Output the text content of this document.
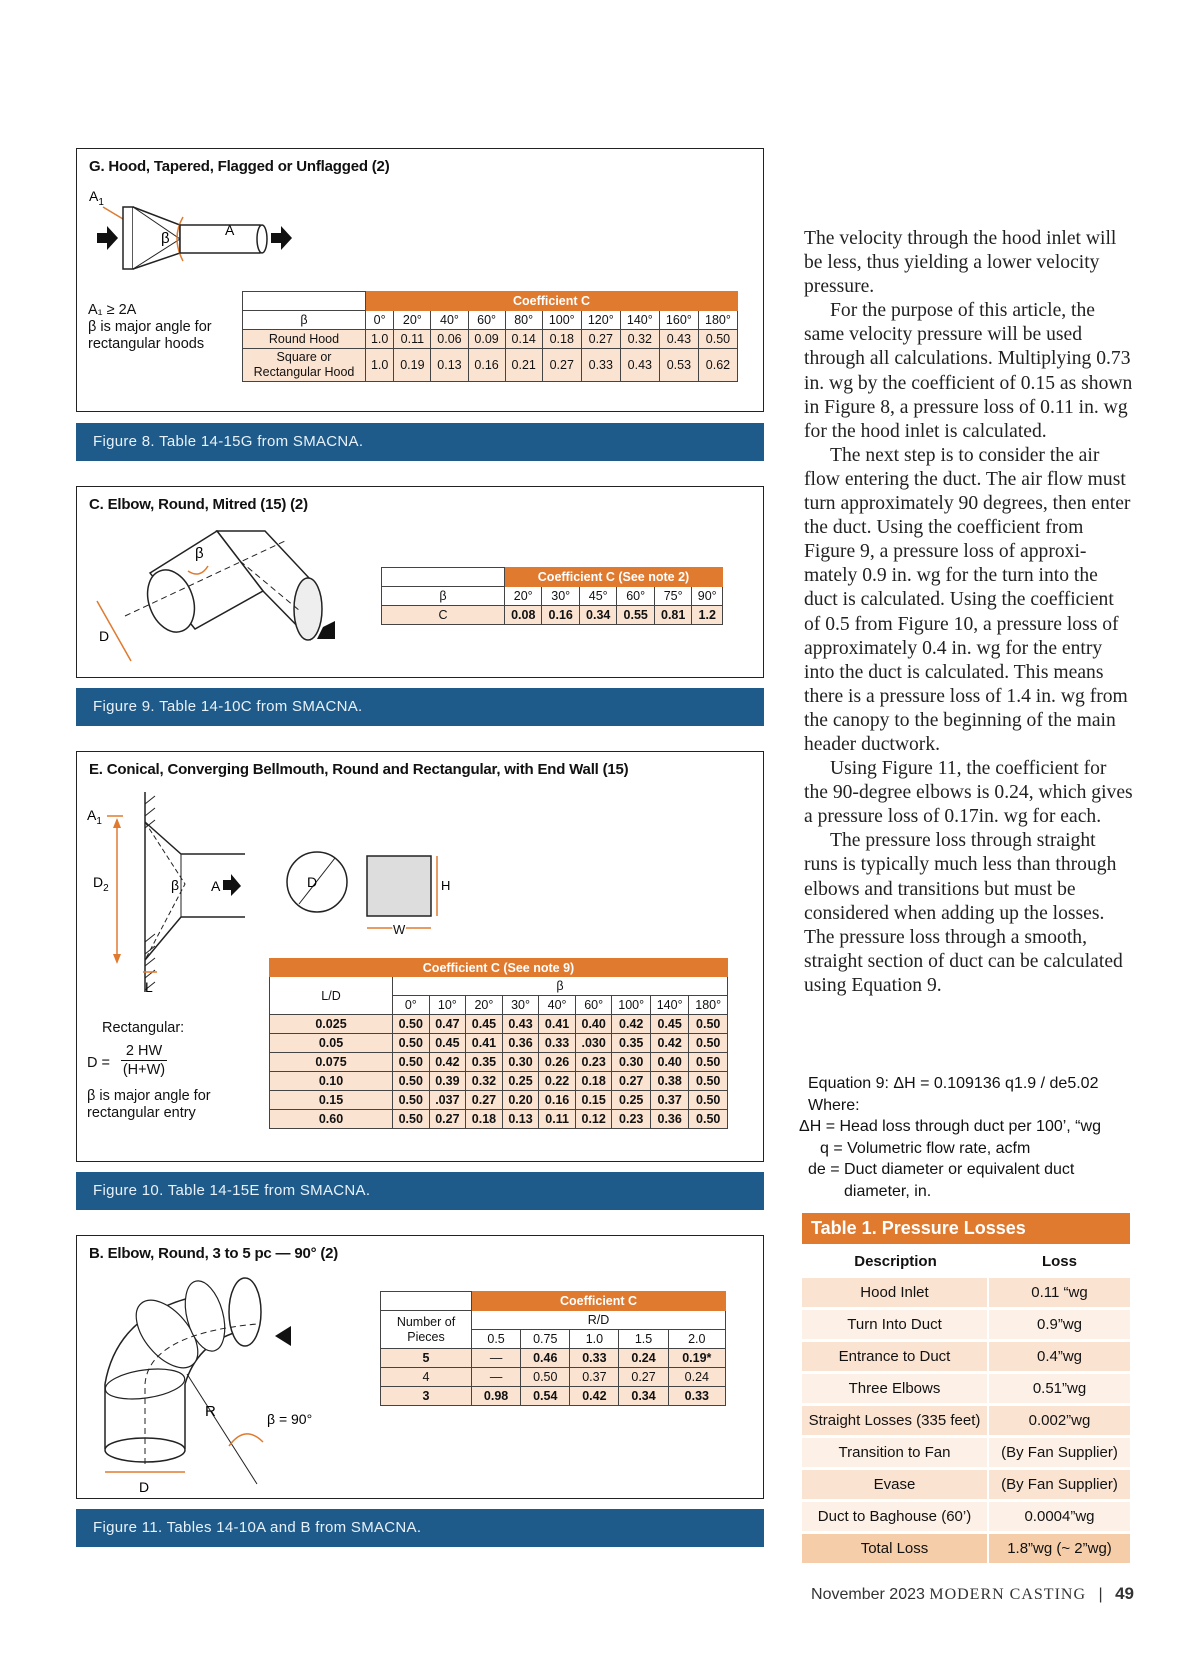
G. Hood, Tapered, Flagged or Unflagged (2)
$A_1$
β	A
A₁ ≥ 2A
β is major angle for
rectangular hoods
	Coefficient C									
β	0°	20°	40°	60°	80°	100°	120°	140°	160°	180°
Round Hood	1.0	0.11	0.06	0.09	0.14	0.18	0.27	0.32	0.43	0.50
Square or Rectangular Hood	1.0	0.19	0.13	0.16	0.21	0.27	0.33	0.43	0.53	0.62
Figure 8. Table 14-15G from SMACNA.
C. Elbow, Round, Mitred (15) (2)
β
D
	Coefficient C (See note 2)					
β	20°	30°	45°	60°	75°	90°
C	0.08	0.16	0.34	0.55	0.81	1.2
Figure 9. Table 14-10C from SMACNA.
E. Conical, Converging Bellmouth, Round and Rectangular, with End Wall (15)
$A_1$
$D_2$	β A
L
D	H
W
Rectangular:
D =
2 HW
(H+W)
β is major angle for
rectangular entry
Coefficient C (See note 9)									
L/D	β								
	0°	10°	20°	30°	40°	60°	100°	140°	180°
0.025	0.50	0.47	0.45	0.43	0.41	0.40	0.42	0.45	0.50
0.05	0.50	0.45	0.41	0.36	0.33	.030	0.35	0.42	0.50
0.075	0.50	0.42	0.35	0.30	0.26	0.23	0.30	0.40	0.50
0.10	0.50	0.39	0.32	0.25	0.22	0.18	0.27	0.38	0.50
0.15	0.50	.037	0.27	0.20	0.16	0.15	0.25	0.37	0.50
0.60	0.50	0.27	0.18	0.13	0.11	0.12	0.23	0.36	0.50
Figure 10. Table 14-15E from SMACNA.
B. Elbow, Round, 3 to 5 pc — 90° (2)
R	β = 90°
D
	Coefficient C				
Number of Pieces	R/D				
	0.5	0.75	1.0	1.5	2.0
5	—	0.46	0.33	0.24	0.19*
4	—	0.50	0.37	0.27	0.24
3	0.98	0.54	0.42	0.34	0.33
Figure 11. Tables 14-10A and B from SMACNA.

The velocity through the hood inlet will be less, thus yielding a lower velocity pressure.

For the purpose of this article, the same velocity pressure will be used through all calculations. Multiplying 0.73 in. wg by the coefficient of 0.15 as shown in Figure 8, a pressure loss of 0.11 in. wg for the hood inlet is calculated.

The next step is to consider the air flow entering the duct. The air flow must turn approximately 90 degrees, then enter the duct. Using the coefficient from Figure 9, a pressure loss of approxi-mately 0.9 in. wg for the turn into the duct is calculated. Using the coefficient of 0.5 from Figure 10, a pressure loss of approximately 0.4 in. wg for the entry into the duct is calculated. This means there is a pressure loss of 1.4 in. wg from the canopy to the beginning of the main header ductwork.

Using Figure 11, the coefficient for the 90-degree elbows is 0.24, which gives a pressure loss of 0.17in. wg for each.

The pressure loss through straight runs is typically much less than through elbows and transitions but must be considered when adding up the losses. The pressure loss through a smooth, straight section of duct can be calculated using Equation 9.

Equation 9: ΔH = 0.109136 q1.9 / de5.02
Where:
ΔH = Head loss through duct per 100’, “wg
q = Volumetric flow rate, acfm
de = Duct diameter or equivalent duct
diameter, in.
Table 1. Pressure Losses
Description	Loss
Hood Inlet	0.11 “wg
Turn Into Duct	0.9”wg
Entrance to Duct	0.4”wg
Three Elbows	0.51”wg
Straight Losses (335 feet)	0.002”wg
Transition to Fan	(By Fan Supplier)
Evase	(By Fan Supplier)
Duct to Baghouse (60’)	0.0004”wg
Total Loss	1.8”wg (~ 2”wg)
November 2023 MODERN CASTING | 49
